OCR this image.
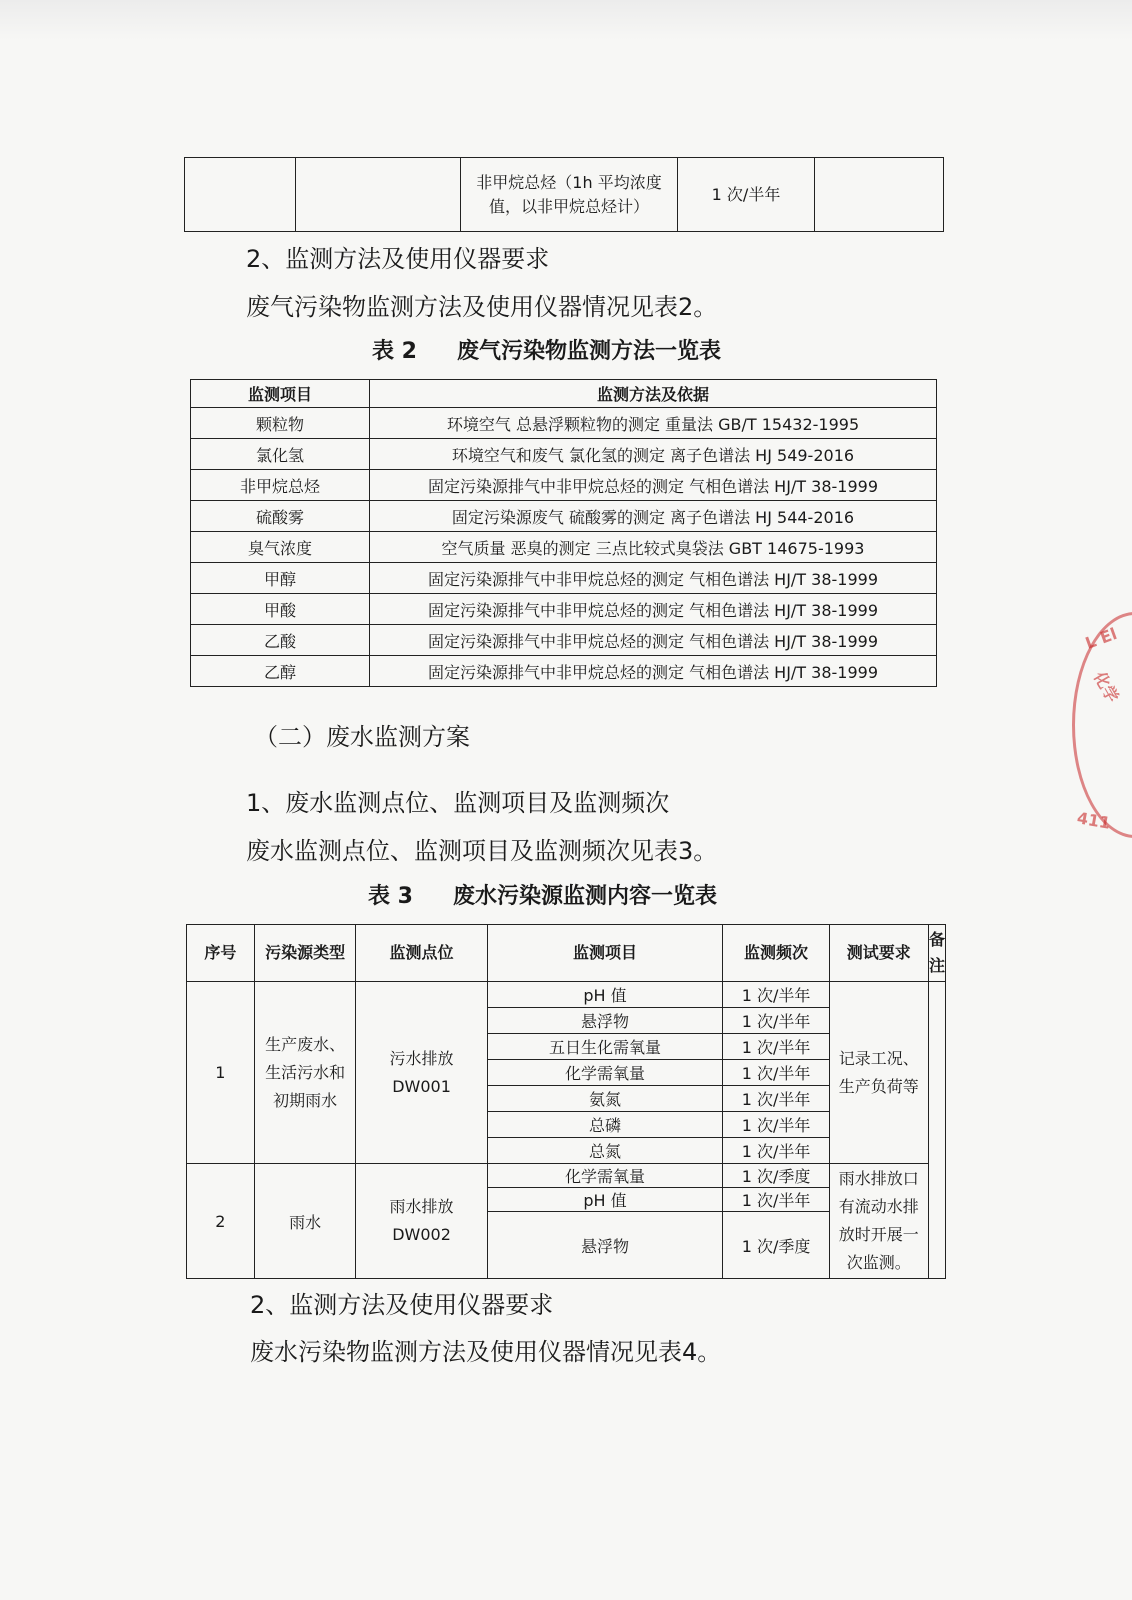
		非甲烷总烃（1h 平均浓度值，以非甲烷总烃计）	1 次/半年	

2、监测方法及使用仪器要求

废气污染物监测方法及使用仪器情况见表2。

表 2 废气污染物监测方法一览表

监测项目	监测方法及依据
颗粒物	环境空气 总悬浮颗粒物的测定 重量法 GB/T 15432-1995
氯化氢	环境空气和废气 氯化氢的测定 离子色谱法 HJ 549-2016
非甲烷总烃	固定污染源排气中非甲烷总烃的测定 气相色谱法 HJ/T 38-1999
硫酸雾	固定污染源废气 硫酸雾的测定 离子色谱法 HJ 544-2016
臭气浓度	空气质量 恶臭的测定 三点比较式臭袋法 GBT 14675-1993
甲醇	固定污染源排气中非甲烷总烃的测定 气相色谱法 HJ/T 38-1999
甲酸	固定污染源排气中非甲烷总烃的测定 气相色谱法 HJ/T 38-1999
乙酸	固定污染源排气中非甲烷总烃的测定 气相色谱法 HJ/T 38-1999
乙醇	固定污染源排气中非甲烷总烃的测定 气相色谱法 HJ/T 38-1999

（二）废水监测方案

1、废水监测点位、监测项目及监测频次

废水监测点位、监测项目及监测频次见表3。

表 3 废水污染源监测内容一览表

序号	污染源类型	监测点位	监测项目	监测频次	测试要求	备注
1	生产废水、生活污水和初期雨水	污水排放DW001	pH 值	1 次/半年	记录工况、生产负荷等	
			悬浮物	1 次/半年		
			五日生化需氧量	1 次/半年		
			化学需氧量	1 次/半年		
			氨氮	1 次/半年		
			总磷	1 次/半年		
			总氮	1 次/半年		
2	雨水	雨水排放DW002	化学需氧量	1 次/季度	雨水排放口有流动水排放时开展一次监测。	
			pH 值	1 次/半年		
			悬浮物	1 次/季度		

2、监测方法及使用仪器要求

废水污染物监测方法及使用仪器情况见表4。

L El
化学
411
